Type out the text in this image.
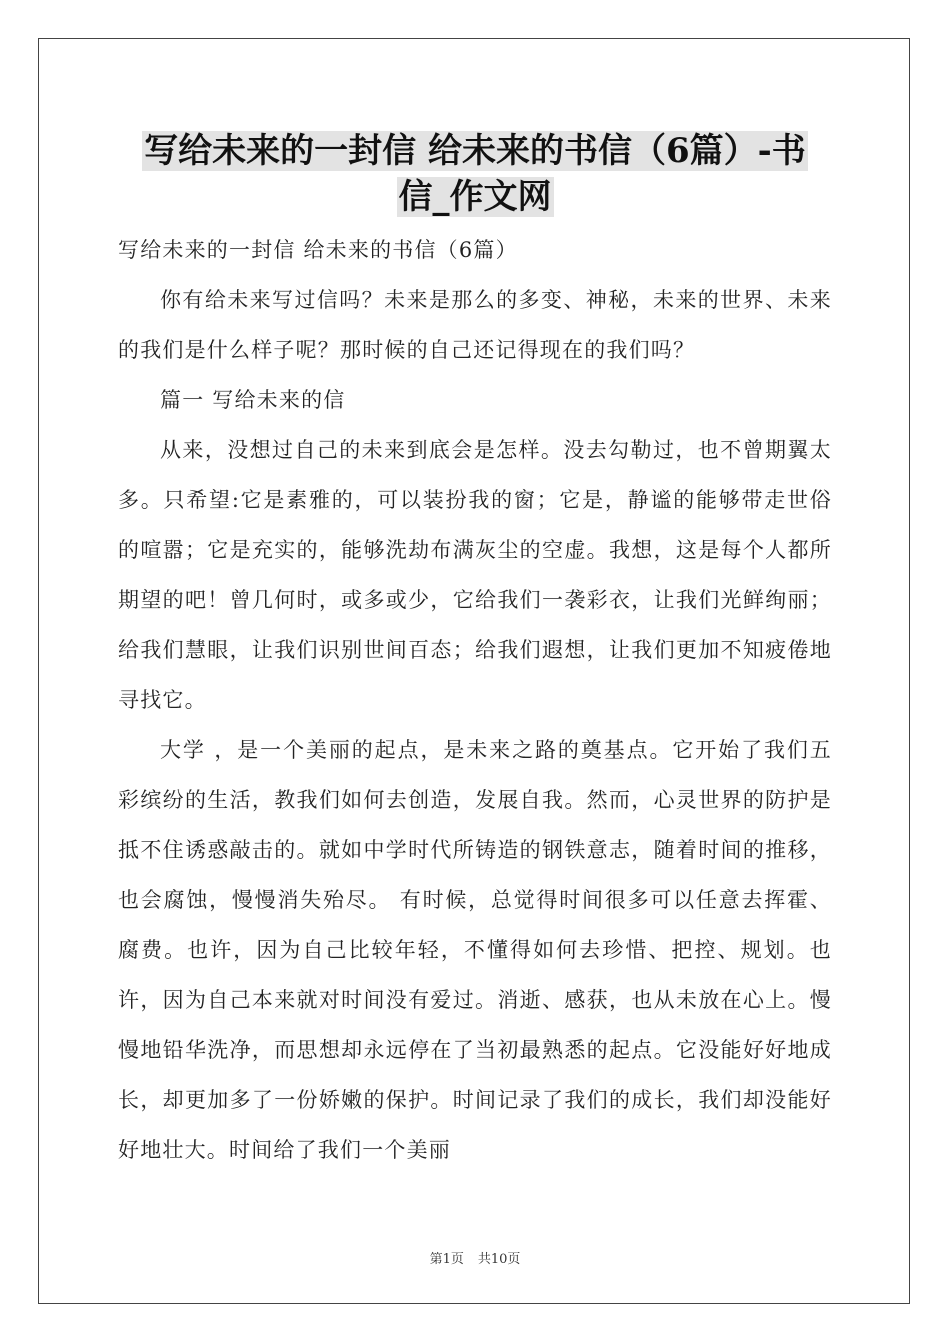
写给未来的一封信 给未来的书信（6篇）-书
信_作文网

写给未来的一封信 给未来的书信（6篇）

你有给未来写过信吗？未来是那么的多变、神秘，未来的世界、未来的我们是什么样子呢？那时候的自己还记得现在的我们吗？

篇一 写给未来的信

从来，没想过自己的未来到底会是怎样。没去勾勒过，也不曾期翼太多。只希望:它是素雅的，可以装扮我的窗；它是，静谧的能够带走世俗的喧嚣；它是充实的，能够洗劫布满灰尘的空虚。我想，这是每个人都所期望的吧！曾几何时，或多或少，它给我们一袭彩衣，让我们光鲜绚丽；给我们慧眼，让我们识别世间百态；给我们遐想，让我们更加不知疲倦地寻找它。

大学 ，是一个美丽的起点，是未来之路的奠基点。它开始了我们五彩缤纷的生活，教我们如何去创造，发展自我。然而，心灵世界的防护是抵不住诱惑敲击的。就如中学时代所铸造的钢铁意志，随着时间的推移，也会腐蚀，慢慢消失殆尽。 有时候，总觉得时间很多可以任意去挥霍、腐费。也许，因为自己比较年轻，不懂得如何去珍惜、把控、规划。也许，因为自己本来就对时间没有爱过。消逝、感获，也从未放在心上。慢慢地铅华洗净，而思想却永远停在了当初最熟悉的起点。它没能好好地成长，却更加多了一份娇嫩的保护。时间记录了我们的成长，我们却没能好好地壮大。时间给了我们一个美丽

第1页 共10页
